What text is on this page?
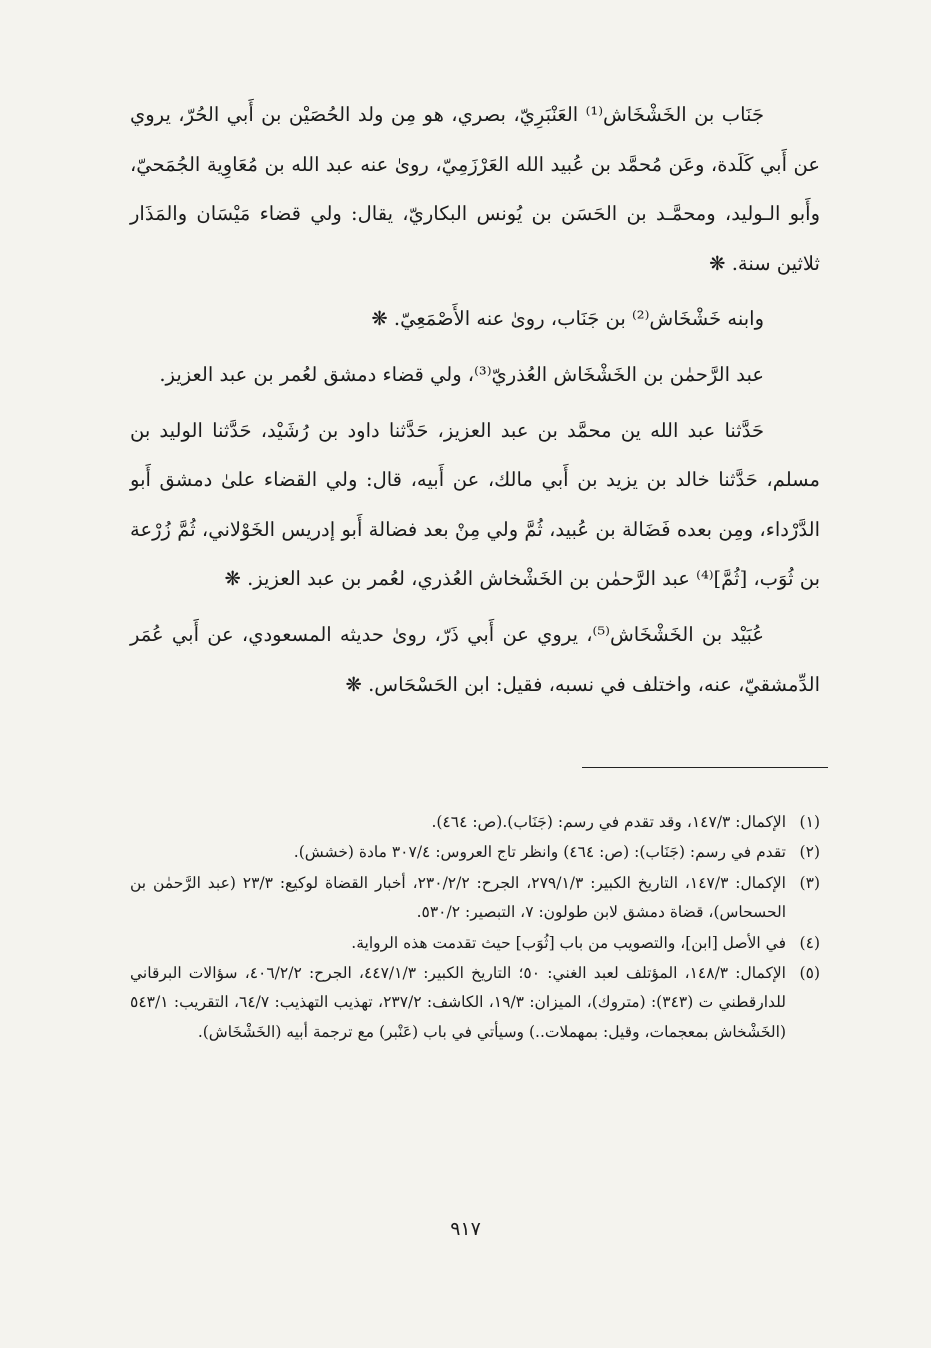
جَنَاب بن الخَشْخَاش⁽¹⁾ العَنْبَرِيّ، بصري، هو مِن ولد الحُصَيْن بن أَبي الحُرّ، يروي عن أَبي كَلَدة، وعَن مُحمَّد بن عُبيد الله العَرْزَمِيّ، روىٰ عنه عبد الله بن مُعَاوِية الجُمَحيّ، وأَبو الـوليد، ومحمَّـد بن الحَسَن بن يُونس البكاريّ، يقال: ولي قضاء مَيْسَان والمَذَار ثلاثين سنة. ❋

وابنه خَشْخَاش⁽²⁾ بن جَنَاب، روىٰ عنه الأَصْمَعِيّ. ❋

عبد الرَّحمٰن بن الخَشْخَاش العُذريّ⁽³⁾، ولي قضاء دمشق لعُمر بن عبد العزيز.

حَدَّثنا عبد الله ين محمَّد بن عبد العزيز، حَدَّثنا داود بن رُشَيْد، حَدَّثنا الوليد بن مسلم، حَدَّثنا خالد بن يزيد بن أَبي مالك، عن أَبيه، قال: ولي القضاء علىٰ دمشق أَبو الدَّرْداء، ومِن بعده فَضَالة بن عُبيد، ثُمَّ ولي مِنْ بعد فضالة أَبو إدريس الخَوْلاني، ثُمَّ زُرْعة بن ثُوَب، [ثُمَّ]⁽⁴⁾ عبد الرَّحمٰن بن الخَشْخاش العُذري، لعُمر بن عبد العزيز. ❋

عُبَيْد بن الخَشْخَاش⁽⁵⁾، يروي عن أَبي ذَرّ، روىٰ حديثه المسعودي، عن أَبي عُمَر الدِّمشقيّ، عنه، واختلف في نسبه، فقيل: ابن الحَسْحَاس. ❋

(١)
الإكمال: ١٤٧/٣، وقد تقدم في رسم: (جَنَاب).(ص: ٤٦٤).
(٢)
تقدم في رسم: (جَنَاب): (ص: ٤٦٤) وانظر تاج العروس: ٣٠٧/٤ مادة (خشش).
(٣)
الإكمال: ١٤٧/٣، التاريخ الكبير: ٢٧٩/١/٣، الجرح: ٢٣٠/٢/٢، أخبار القضاة لوكيع: ٢٣/٣ (عبد الرَّحمٰن بن الحسحاس)، قضاة دمشق لابن طولون: ٧، التبصير: ٥٣٠/٢.
(٤)
في الأصل [ابن]، والتصويب من باب [ثُوَب] حيث تقدمت هذه الرواية.
(٥)
الإكمال: ١٤٨/٣، المؤتلف لعبد الغني: ٥٠؛ التاريخ الكبير: ٤٤٧/١/٣، الجرح: ٤٠٦/٢/٢، سؤالات البرقاني للدارقطني ت (٣٤٣): (متروك)، الميزان: ١٩/٣، الكاشف: ٢٣٧/٢، تهذيب التهذيب: ٦٤/٧، التقريب: ٥٤٣/١ (الخَشْخاش بمعجمات، وقيل: بمهملات..) وسيأتي في باب (عَنْبر) مع ترجمة أبيه (الخَشْخَاش).
٩١٧
